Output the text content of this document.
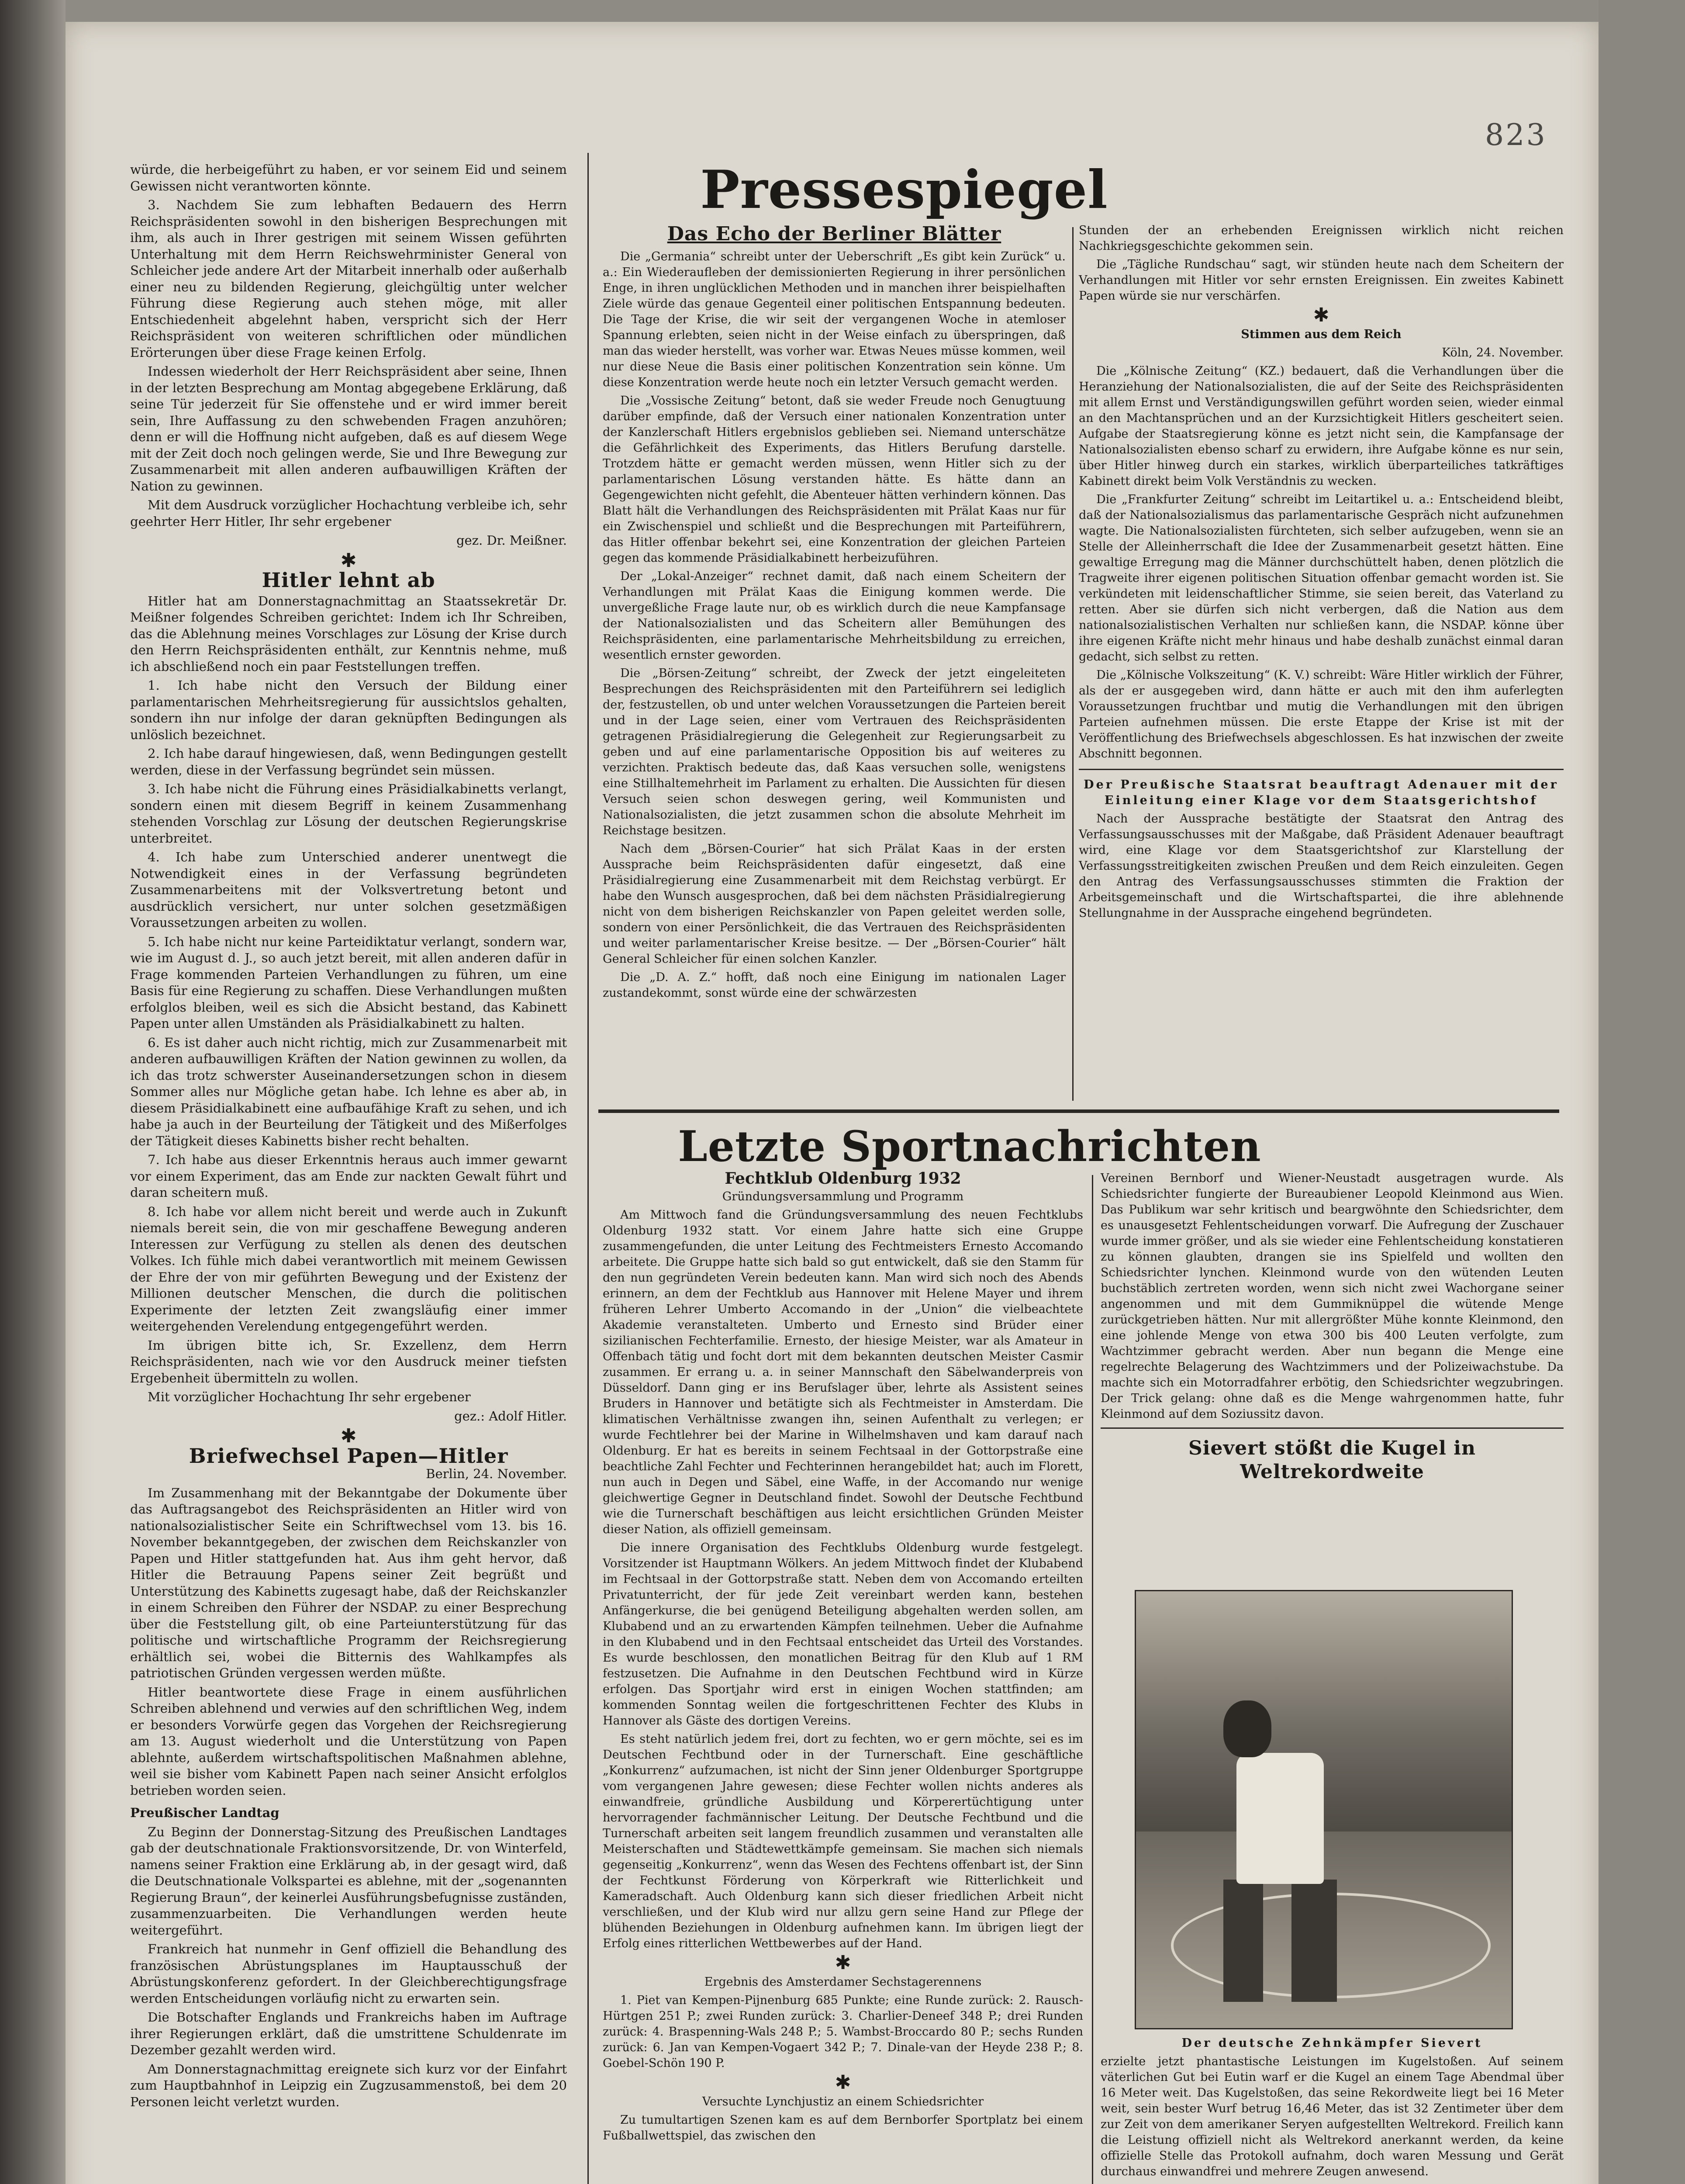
823

würde, die herbeigeführt zu haben, er vor seinem Eid und seinem Gewissen nicht verantworten könnte.

3. Nachdem Sie zum lebhaften Bedauern des Herrn Reichspräsidenten sowohl in den bisherigen Besprechungen mit ihm, als auch in Ihrer gestrigen mit seinem Wissen geführten Unterhaltung mit dem Herrn Reichswehrminister General von Schleicher jede andere Art der Mitarbeit innerhalb oder außerhalb einer neu zu bildenden Regierung, gleichgültig unter welcher Führung diese Regierung auch stehen möge, mit aller Entschiedenheit abgelehnt haben, verspricht sich der Herr Reichspräsident von weiteren schriftlichen oder mündlichen Erörterungen über diese Frage keinen Erfolg.

Indessen wiederholt der Herr Reichspräsident aber seine, Ihnen in der letzten Besprechung am Montag abgegebene Erklärung, daß seine Tür jederzeit für Sie offenstehe und er wird immer bereit sein, Ihre Auffassung zu den schwebenden Fragen anzuhören; denn er will die Hoffnung nicht aufgeben, daß es auf diesem Wege mit der Zeit doch noch gelingen werde, Sie und Ihre Bewegung zur Zusammenarbeit mit allen anderen aufbauwilligen Kräften der Nation zu gewinnen.

Mit dem Ausdruck vorzüglicher Hochachtung verbleibe ich, sehr geehrter Herr Hitler, Ihr sehr ergebener

gez. Dr. Meißner.

✱
Hitler lehnt ab

Hitler hat am Donnerstagnachmittag an Staatssekretär Dr. Meißner folgendes Schreiben gerichtet: Indem ich Ihr Schreiben, das die Ablehnung meines Vorschlages zur Lösung der Krise durch den Herrn Reichspräsidenten enthält, zur Kenntnis nehme, muß ich abschließend noch ein paar Feststellungen treffen.

1. Ich habe nicht den Versuch der Bildung einer parlamentarischen Mehrheitsregierung für aussichtslos gehalten, sondern ihn nur infolge der daran geknüpften Bedingungen als unlöslich bezeichnet.

2. Ich habe darauf hingewiesen, daß, wenn Bedingungen gestellt werden, diese in der Verfassung begründet sein müssen.

3. Ich habe nicht die Führung eines Präsidialkabinetts verlangt, sondern einen mit diesem Begriff in keinem Zusammenhang stehenden Vorschlag zur Lösung der deutschen Regierungskrise unterbreitet.

4. Ich habe zum Unterschied anderer unentwegt die Notwendigkeit eines in der Verfassung begründeten Zusammenarbeitens mit der Volksvertretung betont und ausdrücklich versichert, nur unter solchen gesetzmäßigen Voraussetzungen arbeiten zu wollen.

5. Ich habe nicht nur keine Parteidiktatur verlangt, sondern war, wie im August d. J., so auch jetzt bereit, mit allen anderen dafür in Frage kommenden Parteien Verhandlungen zu führen, um eine Basis für eine Regierung zu schaffen. Diese Verhandlungen mußten erfolglos bleiben, weil es sich die Absicht bestand, das Kabinett Papen unter allen Umständen als Präsidialkabinett zu halten.

6. Es ist daher auch nicht richtig, mich zur Zusammenarbeit mit anderen aufbauwilligen Kräften der Nation gewinnen zu wollen, da ich das trotz schwerster Auseinandersetzungen schon in diesem Sommer alles nur Mögliche getan habe. Ich lehne es aber ab, in diesem Präsidialkabinett eine aufbaufähige Kraft zu sehen, und ich habe ja auch in der Beurteilung der Tätigkeit und des Mißerfolges der Tätigkeit dieses Kabinetts bisher recht behalten.

7. Ich habe aus dieser Erkenntnis heraus auch immer gewarnt vor einem Experiment, das am Ende zur nackten Gewalt führt und daran scheitern muß.

8. Ich habe vor allem nicht bereit und werde auch in Zukunft niemals bereit sein, die von mir geschaffene Bewegung anderen Interessen zur Verfügung zu stellen als denen des deutschen Volkes. Ich fühle mich dabei verantwortlich mit meinem Gewissen der Ehre der von mir geführten Bewegung und der Existenz der Millionen deutscher Menschen, die durch die politischen Experimente der letzten Zeit zwangsläufig einer immer weitergehenden Verelendung entgegengeführt werden.

Im übrigen bitte ich, Sr. Exzellenz, dem Herrn Reichspräsidenten, nach wie vor den Ausdruck meiner tiefsten Ergebenheit übermitteln zu wollen.

Mit vorzüglicher Hochachtung Ihr sehr ergebener

gez.: Adolf Hitler.

✱
Briefwechsel Papen—Hitler

Berlin, 24. November.

Im Zusammenhang mit der Bekanntgabe der Dokumente über das Auftragsangebot des Reichspräsidenten an Hitler wird von nationalsozialistischer Seite ein Schriftwechsel vom 13. bis 16. November bekanntgegeben, der zwischen dem Reichskanzler von Papen und Hitler stattgefunden hat. Aus ihm geht hervor, daß Hitler die Betrauung Papens seiner Zeit begrüßt und Unterstützung des Kabinetts zugesagt habe, daß der Reichskanzler in einem Schreiben den Führer der NSDAP. zu einer Besprechung über die Feststellung gilt, ob eine Parteiunterstützung für das politische und wirtschaftliche Programm der Reichsregierung erhältlich sei, wobei die Bitternis des Wahlkampfes als patriotischen Gründen vergessen werden müßte.

Hitler beantwortete diese Frage in einem ausführlichen Schreiben ablehnend und verwies auf den schriftlichen Weg, indem er besonders Vorwürfe gegen das Vorgehen der Reichsregierung am 13. August wiederholt und die Unterstützung von Papen ablehnte, außerdem wirtschaftspolitischen Maßnahmen ablehne, weil sie bisher vom Kabinett Papen nach seiner Ansicht erfolglos betrieben worden seien.

Preußischer Landtag

Zu Beginn der Donnerstag-Sitzung des Preußischen Landtages gab der deutschnationale Fraktionsvorsitzende, Dr. von Winterfeld, namens seiner Fraktion eine Erklärung ab, in der gesagt wird, daß die Deutschnationale Volkspartei es ablehne, mit der „sogenannten Regierung Braun“, der keinerlei Ausführungsbefugnisse zuständen, zusammenzuarbeiten. Die Verhandlungen werden heute weitergeführt.

Frankreich hat nunmehr in Genf offiziell die Behandlung des französischen Abrüstungsplanes im Hauptausschuß der Abrüstungskonferenz gefordert. In der Gleichberechtigungsfrage werden Entscheidungen vorläufig nicht zu erwarten sein.

Die Botschafter Englands und Frankreichs haben im Auftrage ihrer Regierungen erklärt, daß die umstrittene Schuldenrate im Dezember gezahlt werden wird.

Am Donnerstagnachmittag ereignete sich kurz vor der Einfahrt zum Hauptbahnhof in Leipzig ein Zugzusammenstoß, bei dem 20 Personen leicht verletzt wurden.

Pressespiegel
Das Echo der Berliner Blätter

Die „Germania“ schreibt unter der Ueberschrift „Es gibt kein Zurück“ u. a.: Ein Wiederaufleben der demissionierten Regierung in ihrer persönlichen Enge, in ihren unglücklichen Methoden und in manchen ihrer beispielhaften Ziele würde das genaue Gegenteil einer politischen Entspannung bedeuten. Die Tage der Krise, die wir seit der vergangenen Woche in atemloser Spannung erlebten, seien nicht in der Weise einfach zu überspringen, daß man das wieder herstellt, was vorher war. Etwas Neues müsse kommen, weil nur diese Neue die Basis einer politischen Konzentration sein könne. Um diese Konzentration werde heute noch ein letzter Versuch gemacht werden.

Die „Vossische Zeitung“ betont, daß sie weder Freude noch Genugtuung darüber empfinde, daß der Versuch einer nationalen Konzentration unter der Kanzlerschaft Hitlers ergebnislos geblieben sei. Niemand unterschätze die Gefährlichkeit des Experiments, das Hitlers Berufung darstelle. Trotzdem hätte er gemacht werden müssen, wenn Hitler sich zu der parlamentarischen Lösung verstanden hätte. Es hätte dann an Gegengewichten nicht gefehlt, die Abenteuer hätten verhindern können. Das Blatt hält die Verhandlungen des Reichspräsidenten mit Prälat Kaas nur für ein Zwischenspiel und schließt und die Besprechungen mit Parteiführern, das Hitler offenbar bekehrt sei, eine Konzentration der gleichen Parteien gegen das kommende Präsidialkabinett herbeizuführen.

Der „Lokal-Anzeiger“ rechnet damit, daß nach einem Scheitern der Verhandlungen mit Prälat Kaas die Einigung kommen werde. Die unvergeßliche Frage laute nur, ob es wirklich durch die neue Kampfansage der Nationalsozialisten und das Scheitern aller Bemühungen des Reichspräsidenten, eine parlamentarische Mehrheitsbildung zu erreichen, wesentlich ernster geworden.

Die „Börsen-Zeitung“ schreibt, der Zweck der jetzt eingeleiteten Besprechungen des Reichspräsidenten mit den Parteiführern sei lediglich der, festzustellen, ob und unter welchen Voraussetzungen die Parteien bereit und in der Lage seien, einer vom Vertrauen des Reichspräsidenten getragenen Präsidialregierung die Gelegenheit zur Regierungsarbeit zu geben und auf eine parlamentarische Opposition bis auf weiteres zu verzichten. Praktisch bedeute das, daß Kaas versuchen solle, wenigstens eine Stillhaltemehrheit im Parlament zu erhalten. Die Aussichten für diesen Versuch seien schon deswegen gering, weil Kommunisten und Nationalsozialisten, die jetzt zusammen schon die absolute Mehrheit im Reichstage besitzen.

Nach dem „Börsen-Courier“ hat sich Prälat Kaas in der ersten Aussprache beim Reichspräsidenten dafür eingesetzt, daß eine Präsidialregierung eine Zusammenarbeit mit dem Reichstag verbürgt. Er habe den Wunsch ausgesprochen, daß bei dem nächsten Präsidialregierung nicht von dem bisherigen Reichskanzler von Papen geleitet werden solle, sondern von einer Persönlichkeit, die das Vertrauen des Reichspräsidenten und weiter parlamentarischer Kreise besitze. — Der „Börsen-Courier“ hält General Schleicher für einen solchen Kanzler.

Die „D. A. Z.“ hofft, daß noch eine Einigung im nationalen Lager zustandekommt, sonst würde eine der schwärzesten

Stunden der an erhebenden Ereignissen wirklich nicht reichen Nachkriegsgeschichte gekommen sein.

Die „Tägliche Rundschau“ sagt, wir stünden heute nach dem Scheitern der Verhandlungen mit Hitler vor sehr ernsten Ereignissen. Ein zweites Kabinett Papen würde sie nur verschärfen.

✱

Stimmen aus dem Reich

Köln, 24. November.

Die „Kölnische Zeitung“ (KZ.) bedauert, daß die Verhandlungen über die Heranziehung der Nationalsozialisten, die auf der Seite des Reichspräsidenten mit allem Ernst und Verständigungswillen geführt worden seien, wieder einmal an den Machtansprüchen und an der Kurzsichtigkeit Hitlers gescheitert seien. Aufgabe der Staatsregierung könne es jetzt nicht sein, die Kampfansage der Nationalsozialisten ebenso scharf zu erwidern, ihre Aufgabe könne es nur sein, über Hitler hinweg durch ein starkes, wirklich überparteiliches tatkräftiges Kabinett direkt beim Volk Verständnis zu wecken.

Die „Frankfurter Zeitung“ schreibt im Leitartikel u. a.: Entscheidend bleibt, daß der Nationalsozialismus das parlamentarische Gespräch nicht aufzunehmen wagte. Die Nationalsozialisten fürchteten, sich selber aufzugeben, wenn sie an Stelle der Alleinherrschaft die Idee der Zusammenarbeit gesetzt hätten. Eine gewaltige Erregung mag die Männer durchschüttelt haben, denen plötzlich die Tragweite ihrer eigenen politischen Situation offenbar gemacht worden ist. Sie verkündeten mit leidenschaftlicher Stimme, sie seien bereit, das Vaterland zu retten. Aber sie dürfen sich nicht verbergen, daß die Nation aus dem nationalsozialistischen Verhalten nur schließen kann, die NSDAP. könne über ihre eigenen Kräfte nicht mehr hinaus und habe deshalb zunächst einmal daran gedacht, sich selbst zu retten.

Die „Kölnische Volkszeitung“ (K. V.) schreibt: Wäre Hitler wirklich der Führer, als der er ausgegeben wird, dann hätte er auch mit den ihm auferlegten Voraussetzungen fruchtbar und mutig die Verhandlungen mit den übrigen Parteien aufnehmen müssen. Die erste Etappe der Krise ist mit der Veröffentlichung des Briefwechsels abgeschlossen. Es hat inzwischen der zweite Abschnitt begonnen.

Der Preußische Staatsrat beauftragt Adenauer mit der Einleitung einer Klage vor dem Staatsgerichtshof

Nach der Aussprache bestätigte der Staatsrat den Antrag des Verfassungsausschusses mit der Maßgabe, daß Präsident Adenauer beauftragt wird, eine Klage vor dem Staatsgerichtshof zur Klarstellung der Verfassungsstreitigkeiten zwischen Preußen und dem Reich einzuleiten. Gegen den Antrag des Verfassungsausschusses stimmten die Fraktion der Arbeitsgemeinschaft und die Wirtschaftspartei, die ihre ablehnende Stellungnahme in der Aussprache eingehend begründeten.

Letzte Sportnachrichten

Fechtklub Oldenburg 1932

Gründungsversammlung und Programm

Am Mittwoch fand die Gründungsversammlung des neuen Fechtklubs Oldenburg 1932 statt. Vor einem Jahre hatte sich eine Gruppe zusammengefunden, die unter Leitung des Fechtmeisters Ernesto Accomando arbeitete. Die Gruppe hatte sich bald so gut entwickelt, daß sie den Stamm für den nun gegründeten Verein bedeuten kann. Man wird sich noch des Abends erinnern, an dem der Fechtklub aus Hannover mit Helene Mayer und ihrem früheren Lehrer Umberto Accomando in der „Union“ die vielbeachtete Akademie veranstalteten. Umberto und Ernesto sind Brüder einer sizilianischen Fechterfamilie. Ernesto, der hiesige Meister, war als Amateur in Offenbach tätig und focht dort mit dem bekannten deutschen Meister Casmir zusammen. Er errang u. a. in seiner Mannschaft den Säbelwanderpreis von Düsseldorf. Dann ging er ins Berufslager über, lehrte als Assistent seines Bruders in Hannover und betätigte sich als Fechtmeister in Amsterdam. Die klimatischen Verhältnisse zwangen ihn, seinen Aufenthalt zu verlegen; er wurde Fechtlehrer bei der Marine in Wilhelmshaven und kam darauf nach Oldenburg. Er hat es bereits in seinem Fechtsaal in der Gottorpstraße eine beachtliche Zahl Fechter und Fechterinnen herangebildet hat; auch im Florett, nun auch in Degen und Säbel, eine Waffe, in der Accomando nur wenige gleichwertige Gegner in Deutschland findet. Sowohl der Deutsche Fechtbund wie die Turnerschaft beschäftigen aus leicht ersichtlichen Gründen Meister dieser Nation, als offiziell gemeinsam.

Die innere Organisation des Fechtklubs Oldenburg wurde festgelegt. Vorsitzender ist Hauptmann Wölkers. An jedem Mittwoch findet der Klubabend im Fechtsaal in der Gottorpstraße statt. Neben dem von Accomando erteilten Privatunterricht, der für jede Zeit vereinbart werden kann, bestehen Anfängerkurse, die bei genügend Beteiligung abgehalten werden sollen, am Klubabend und an zu erwartenden Kämpfen teilnehmen. Ueber die Aufnahme in den Klubabend und in den Fechtsaal entscheidet das Urteil des Vorstandes. Es wurde beschlossen, den monatlichen Beitrag für den Klub auf 1 RM festzusetzen. Die Aufnahme in den Deutschen Fechtbund wird in Kürze erfolgen. Das Sportjahr wird erst in einigen Wochen stattfinden; am kommenden Sonntag weilen die fortgeschrittenen Fechter des Klubs in Hannover als Gäste des dortigen Vereins.

Es steht natürlich jedem frei, dort zu fechten, wo er gern möchte, sei es im Deutschen Fechtbund oder in der Turnerschaft. Eine geschäftliche „Konkurrenz“ aufzumachen, ist nicht der Sinn jener Oldenburger Sportgruppe vom vergangenen Jahre gewesen; diese Fechter wollen nichts anderes als einwandfreie, gründliche Ausbildung und Körperertüchtigung unter hervorragender fachmännischer Leitung. Der Deutsche Fechtbund und die Turnerschaft arbeiten seit langem freundlich zusammen und veranstalten alle Meisterschaften und Städtewettkämpfe gemeinsam. Sie machen sich niemals gegenseitig „Konkurrenz“, wenn das Wesen des Fechtens offenbart ist, der Sinn der Fechtkunst Förderung von Körperkraft wie Ritterlichkeit und Kameradschaft. Auch Oldenburg kann sich dieser friedlichen Arbeit nicht verschließen, und der Klub wird nur allzu gern seine Hand zur Pflege der blühenden Beziehungen in Oldenburg aufnehmen kann. Im übrigen liegt der Erfolg eines ritterlichen Wettbewerbes auf der Hand.

✱

Ergebnis des Amsterdamer Sechstagerennens

1. Piet van Kempen-Pijnenburg 685 Punkte; eine Runde zurück: 2. Rausch-Hürtgen 251 P.; zwei Runden zurück: 3. Charlier-Deneef 348 P.; drei Runden zurück: 4. Braspenning-Wals 248 P.; 5. Wambst-Broccardo 80 P.; sechs Runden zurück: 6. Jan van Kempen-Vogaert 342 P.; 7. Dinale-van der Heyde 238 P.; 8. Goebel-Schön 190 P.

✱

Versuchte Lynchjustiz an einem Schiedsrichter

Zu tumultartigen Szenen kam es auf dem Bernborfer Sportplatz bei einem Fußballwettspiel, das zwischen den

Vereinen Bernborf und Wiener-Neustadt ausgetragen wurde. Als Schiedsrichter fungierte der Bureaubiener Leopold Kleinmond aus Wien. Das Publikum war sehr kritisch und beargwöhnte den Schiedsrichter, dem es unausgesetzt Fehlentscheidungen vorwarf. Die Aufregung der Zuschauer wurde immer größer, und als sie wieder eine Fehlentscheidung konstatieren zu können glaubten, drangen sie ins Spielfeld und wollten den Schiedsrichter lynchen. Kleinmond wurde von den wütenden Leuten buchstäblich zertreten worden, wenn sich nicht zwei Wachorgane seiner angenommen und mit dem Gummiknüppel die wütende Menge zurückgetrieben hätten. Nur mit allergrößter Mühe konnte Kleinmond, den eine johlende Menge von etwa 300 bis 400 Leuten verfolgte, zum Wachtzimmer gebracht werden. Aber nun begann die Menge eine regelrechte Belagerung des Wachtzimmers und der Polizeiwachstube. Da machte sich ein Motorradfahrer erbötig, den Schiedsrichter wegzubringen. Der Trick gelang: ohne daß es die Menge wahrgenommen hatte, fuhr Kleinmond auf dem Soziussitz davon.

Sievert stößt die Kugel in Weltrekordweite

Der deutsche Zehnkämpfer Sievert

erzielte jetzt phantastische Leistungen im Kugelstoßen. Auf seinem väterlichen Gut bei Eutin warf er die Kugel an einem Tage Abendmal über 16 Meter weit. Das Kugelstoßen, das seine Rekordweite liegt bei 16 Meter weit, sein bester Wurf betrug 16,46 Meter, das ist 32 Zentimeter über dem zur Zeit von dem amerikaner Seryen aufgestellten Weltrekord. Freilich kann die Leistung offiziell nicht als Weltrekord anerkannt werden, da keine offizielle Stelle das Protokoll aufnahm, doch waren Messung und Gerät durchaus einwandfrei und mehrere Zeugen anwesend.
